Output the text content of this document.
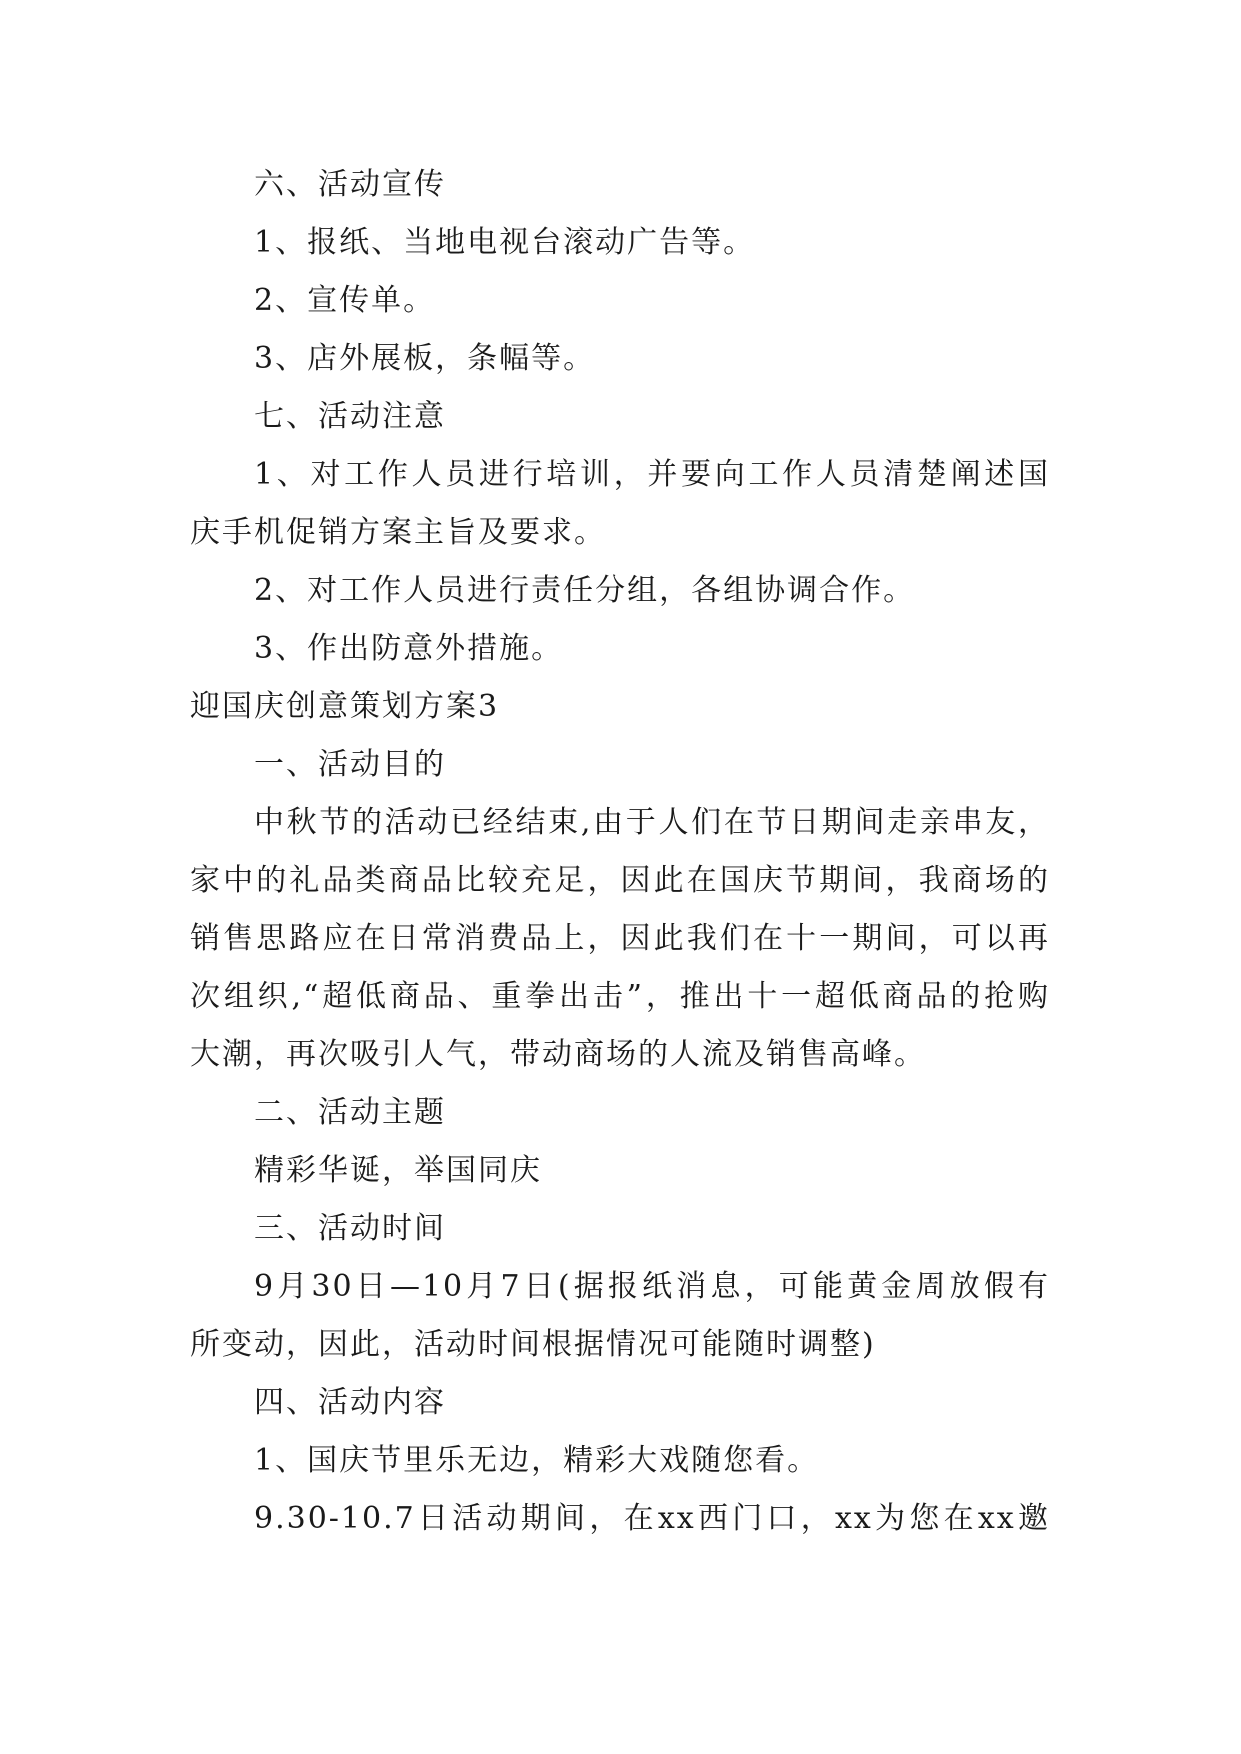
六、活动宣传
1、报纸、当地电视台滚动广告等。
2、宣传单。
3、店外展板，条幅等。
七、活动注意
1、对工作人员进行培训，并要向工作人员清楚阐述国
庆手机促销方案主旨及要求。
2、对工作人员进行责任分组，各组协调合作。
3、作出防意外措施。
迎国庆创意策划方案3
一、活动目的
中秋节的活动已经结束,由于人们在节日期间走亲串友，
家中的礼品类商品比较充足，因此在国庆节期间，我商场的
销售思路应在日常消费品上，因此我们在十一期间，可以再
次组织,“超低商品、重拳出击”，推出十一超低商品的抢购
大潮，再次吸引人气，带动商场的人流及销售高峰。
二、活动主题
精彩华诞，举国同庆
三、活动时间
9月30日—10月7日(据报纸消息，可能黄金周放假有
所变动，因此，活动时间根据情况可能随时调整)
四、活动内容
1、国庆节里乐无边，精彩大戏随您看。
9.30-10.7日活动期间，在xx西门口，xx为您在xx邀
